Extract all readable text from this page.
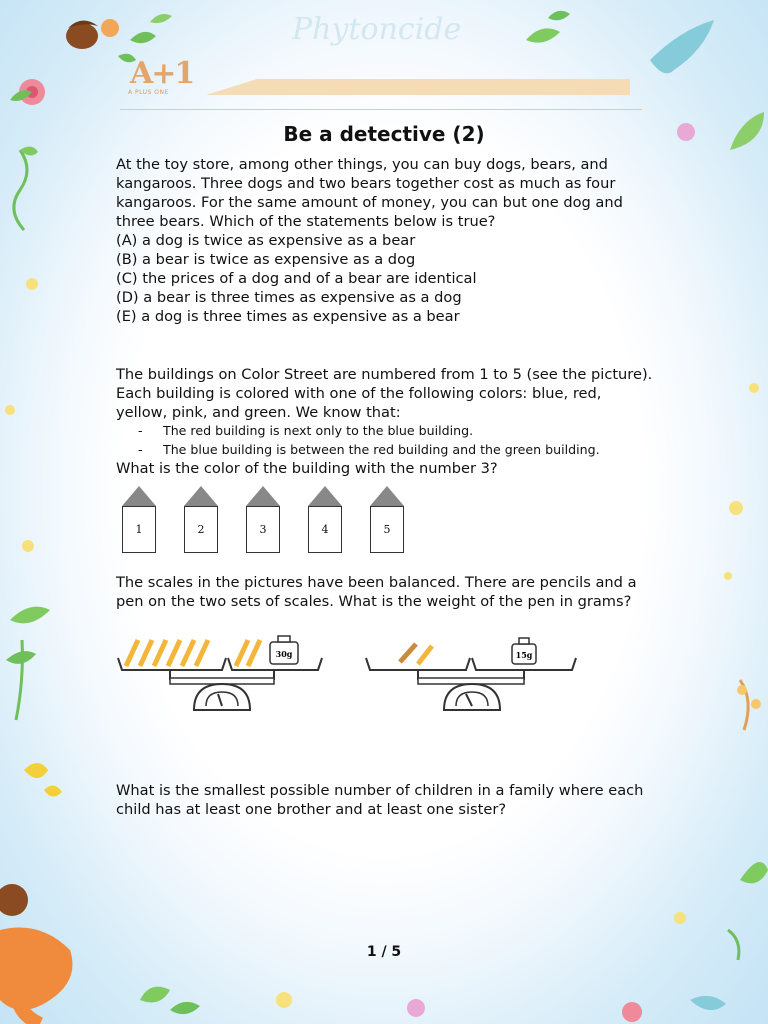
Phytoncide
A+1
A PLUS ONE
Be a detective (2)

At the toy store, among other things, you can buy dogs, bears, and kangaroos. Three dogs and two bears together cost as much as four kangaroos. For the same amount of money, you can but one dog and three bears. Which of the statements below is true?

(A) a dog is twice as expensive as a bear

(B) a bear is twice as expensive as a dog

(C) the prices of a dog and of a bear are identical

(D) a bear is three times as expensive as a dog

(E) a dog is three times as expensive as a bear

The buildings on Color Street are numbered from 1 to 5 (see the picture). Each building is colored with one of the following colors: blue, red, yellow, pink, and green. We know that:
- The red building is next only to the blue building.
- The blue building is between the red building and the green building.
What is the color of the building with the number 3?
1	2	3	4	5
The scales in the pictures have been balanced. There are pencils and a pen on the two sets of scales. What is the weight of the pen in grams?
30g	15g
What is the smallest possible number of children in a family where each child has at least one brother and at least one sister?
1 / 5
